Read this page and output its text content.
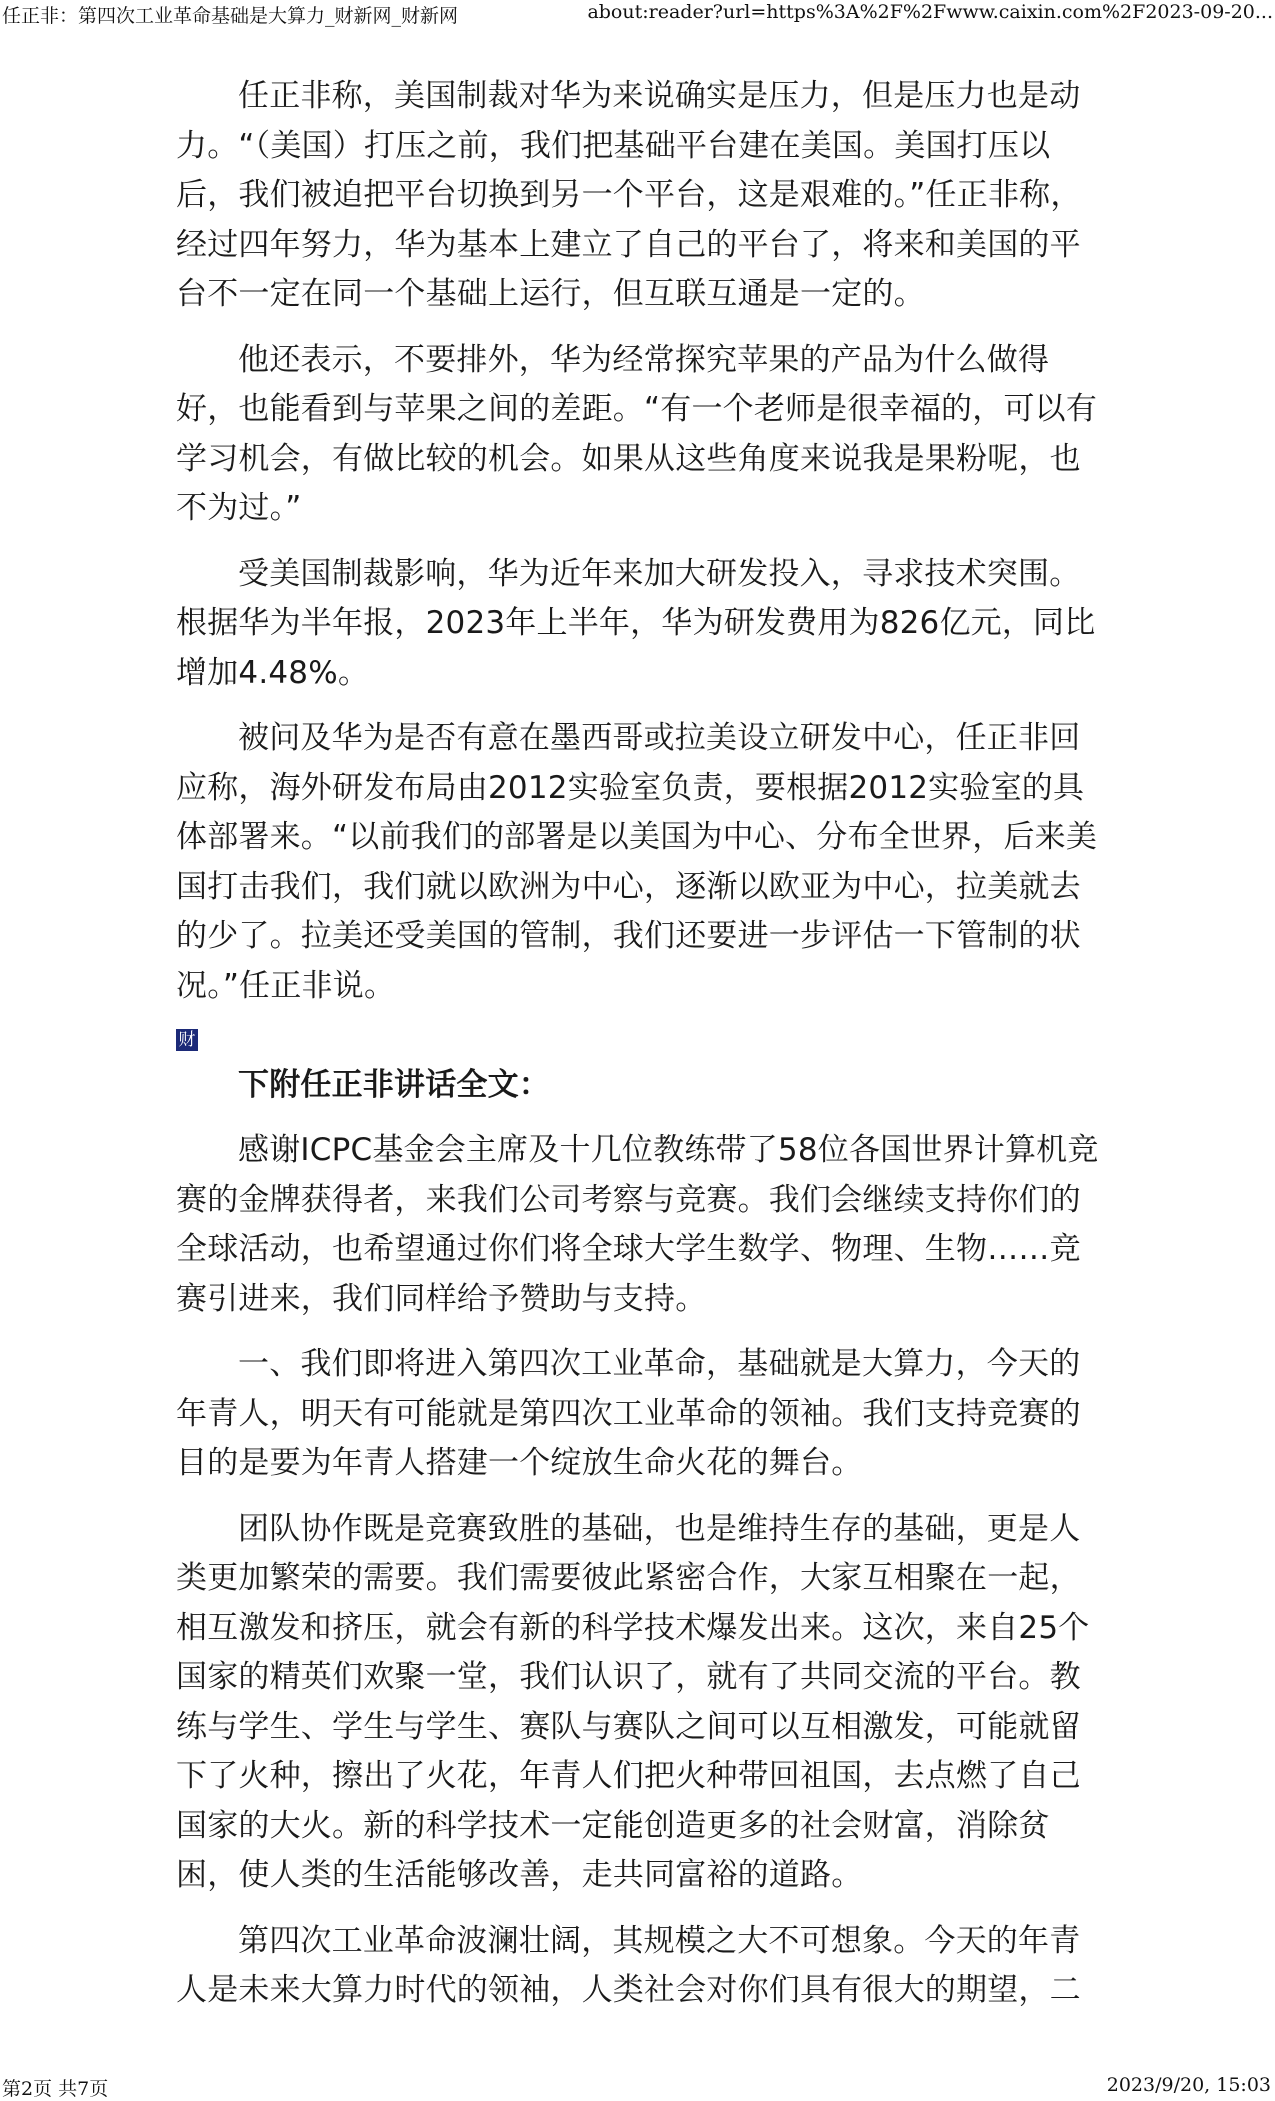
任正非：第四次工业革命基础是大算力_财新网_财新网	about:reader?url=https%3A%2F%2Fwww.caixin.com%2F2023-09-20...

任正非称，美国制裁对华为来说确实是压力，但是压力也是动力。“（美国）打压之前，我们把基础平台建在美国。美国打压以后，我们被迫把平台切换到另一个平台，这是艰难的。”任正非称，经过四年努力，华为基本上建立了自己的平台了，将来和美国的平台不一定在同一个基础上运行，但互联互通是一定的。

他还表示，不要排外，华为经常探究苹果的产品为什么做得好，也能看到与苹果之间的差距。“有一个老师是很幸福的，可以有学习机会，有做比较的机会。如果从这些角度来说我是果粉呢，也不为过。”

受美国制裁影响，华为近年来加大研发投入，寻求技术突围。根据华为半年报，2023年上半年，华为研发费用为826亿元，同比增加4.48%。

被问及华为是否有意在墨西哥或拉美设立研发中心，任正非回应称，海外研发布局由2012实验室负责，要根据2012实验室的具体部署来。“以前我们的部署是以美国为中心、分布全世界，后来美国打击我们，我们就以欧洲为中心，逐渐以欧亚为中心，拉美就去的少了。拉美还受美国的管制，我们还要进一步评估一下管制的状况。”任正非说。

财
下附任正非讲话全文：

感谢ICPC基金会主席及十几位教练带了58位各国世界计算机竞赛的金牌获得者，来我们公司考察与竞赛。我们会继续支持你们的全球活动，也希望通过你们将全球大学生数学、物理、生物……竞赛引进来，我们同样给予赞助与支持。

一、我们即将进入第四次工业革命，基础就是大算力，今天的年青人，明天有可能就是第四次工业革命的领袖。我们支持竞赛的目的是要为年青人搭建一个绽放生命火花的舞台。

团队协作既是竞赛致胜的基础，也是维持生存的基础，更是人类更加繁荣的需要。我们需要彼此紧密合作，大家互相聚在一起，相互激发和挤压，就会有新的科学技术爆发出来。这次，来自25个国家的精英们欢聚一堂，我们认识了，就有了共同交流的平台。教练与学生、学生与学生、赛队与赛队之间可以互相激发，可能就留下了火种，擦出了火花，年青人们把火种带回祖国，去点燃了自己国家的大火。新的科学技术一定能创造更多的社会财富，消除贫困，使人类的生活能够改善，走共同富裕的道路。

第四次工业革命波澜壮阔，其规模之大不可想象。今天的年青人是未来大算力时代的领袖，人类社会对你们具有很大的期望，二

第2页 共7页	2023/9/20, 15:03
